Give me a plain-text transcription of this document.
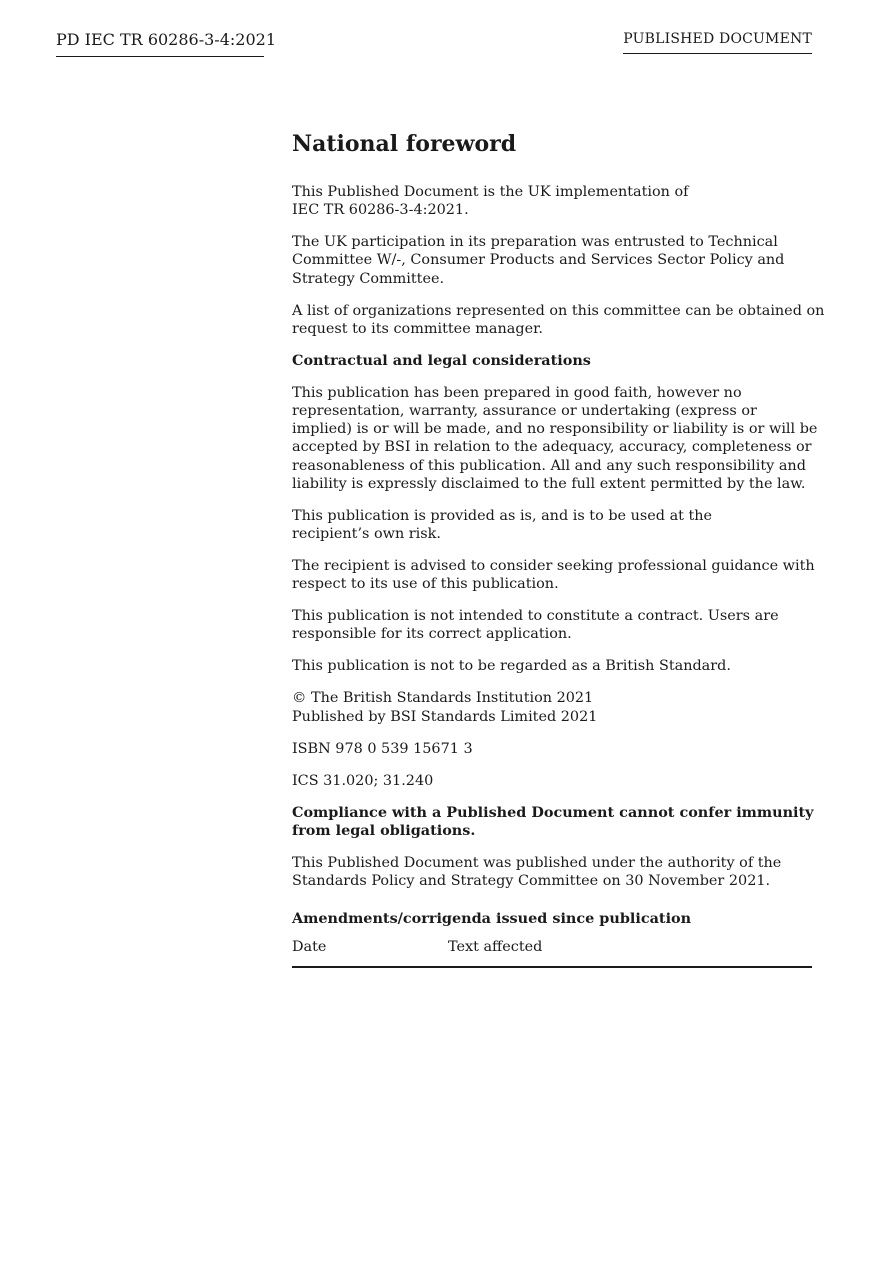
PD IEC TR 60286-3-4:2021	PUBLISHED DOCUMENT
National foreword
This Published Document is the UK implementation of
IEC TR 60286-3-4:2021.
The UK participation in its preparation was entrusted to Technical
Committee W/-, Consumer Products and Services Sector Policy and
Strategy Committee.
A list of organizations represented on this committee can be obtained on
request to its committee manager.
Contractual and legal considerations
This publication has been prepared in good faith, however no
representation, warranty, assurance or undertaking (express or
implied) is or will be made, and no responsibility or liability is or will be
accepted by BSI in relation to the adequacy, accuracy, completeness or
reasonableness of this publication. All and any such responsibility and
liability is expressly disclaimed to the full extent permitted by the law.
This publication is provided as is, and is to be used at the
recipient’s own risk.
The recipient is advised to consider seeking professional guidance with
respect to its use of this publication.
This publication is not intended to constitute a contract. Users are
responsible for its correct application.
This publication is not to be regarded as a British Standard.
© The British Standards Institution 2021
Published by BSI Standards Limited 2021
ISBN 978 0 539 15671 3
ICS 31.020; 31.240
Compliance with a Published Document cannot confer immunity
from legal obligations.
This Published Document was published under the authority of the
Standards Policy and Strategy Committee on 30 November 2021.
Amendments/corrigenda issued since publication
Date	Text affected
